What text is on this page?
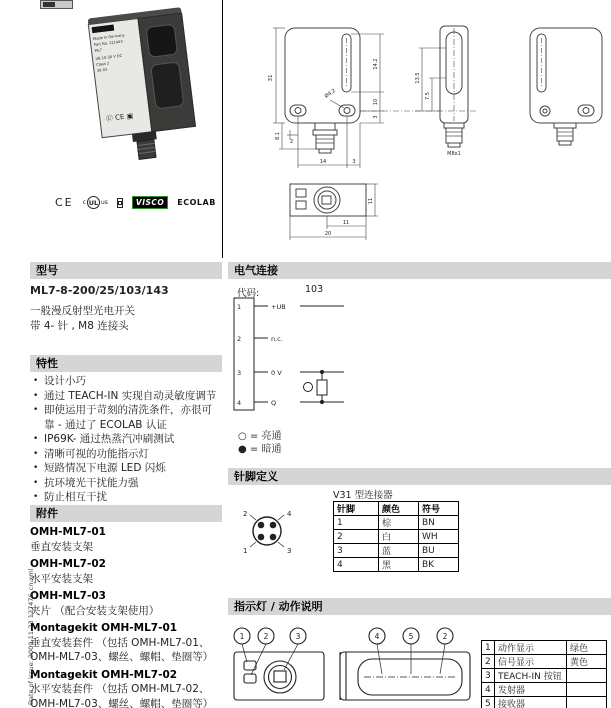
VISOLUX
Made in Germany
Part No. 121443
ML7
UB 10-30 V DC
Class 2
38 03
Ⓤ CE ▣
CE c UL us	VISCO	ECOLAB
31
14.2
10
3
Ø4.2
8.1
2
14	3
13.5
7.5
M8x1
11
11
20
型号
ML7-8-200/25/103/143
一般漫反射型光电开关
带 4- 针 , M8 连接头
特性
• 设计小巧
• 通过 TEACH-IN 实现自动灵敏度调节
• 即使运用于苛刻的清洗条件，亦很可靠 - 通过了 ECOLAB 认证
• IP69K- 通过热蒸汽冲刷测试
• 清晰可视的功能指示灯
• 短路情况下电源 LED 闪烁
• 抗环境光干扰能力强
• 防止相互干扰
附件
OMH-ML7-01
垂直安装支架
OMH-ML7-02
水平安装支架
OMH-ML7-03
夹片 （配合安装支架使用）
Montagekit OMH-ML7-01
垂直安装套件 （包括 OMH-ML7-01、OMH-ML7-03、螺丝、螺帽、垫圈等）
Montagekit OMH-ML7-02
水平安装套件 （包括 OMH-ML7-02、OMH-ML7-03、螺丝、螺帽、垫圈等）
电气连接
代码:	103
1
2
3
4
+UB
n.c.
0 V
Q
○ = 亮通
● = 暗通
针脚定义
V31 型连接器
2	4
1	3
针脚	颜色	符号
1	棕	BN
2	白	WH
3	蓝	BU
4	黑	BK
指示灯 / 动作说明
1	2	3	4	5	2
1	动作显示	绿色
2	信号显示	黄色
3	TEACH-IN 按钮	
4	发射器	
5	接收器	
Date of issue: 2009-11-23 127476_cn.xml
